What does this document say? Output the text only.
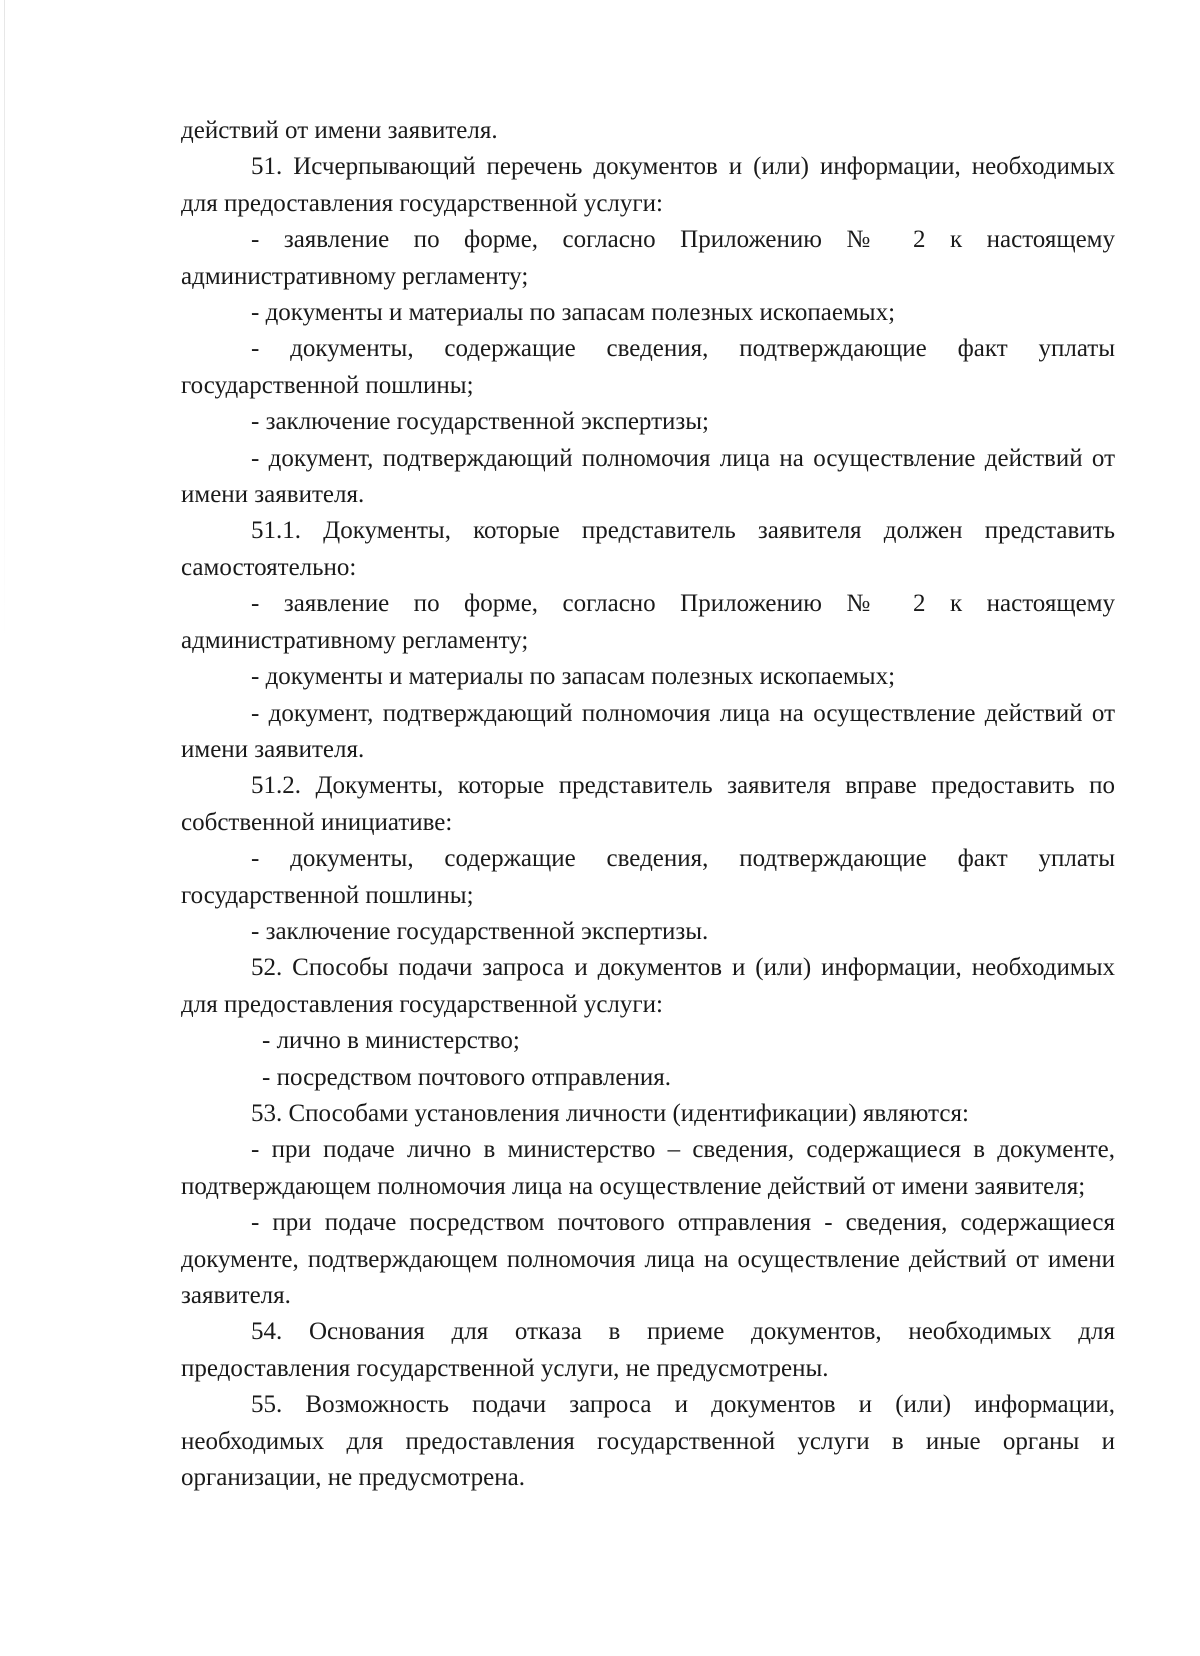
действий от имени заявителя.

51. Исчерпывающий перечень документов и (или) информации, необходимых для предоставления государственной услуги:

- заявление по форме, согласно Приложению № 2 к настоящему административному регламенту;

- документы и материалы по запасам полезных ископаемых;

- документы, содержащие сведения, подтверждающие факт уплаты государственной пошлины;

- заключение государственной экспертизы;

- документ, подтверждающий полномочия лица на осуществление действий от имени заявителя.

51.1. Документы, которые представитель заявителя должен представить самостоятельно:

- заявление по форме, согласно Приложению № 2 к настоящему административному регламенту;

- документы и материалы по запасам полезных ископаемых;

- документ, подтверждающий полномочия лица на осуществление действий от имени заявителя.

51.2. Документы, которые представитель заявителя вправе предоставить по собственной инициативе:

- документы, содержащие сведения, подтверждающие факт уплаты государственной пошлины;

- заключение государственной экспертизы.

52. Способы подачи запроса и документов и (или) информации, необходимых для предоставления государственной услуги:

- лично в министерство;

- посредством почтового отправления.

53. Способами установления личности (идентификации) являются:

- при подаче лично в министерство – сведения, содержащиеся в документе, подтверждающем полномочия лица на осуществление действий от имени заявителя;

- при подаче посредством почтового отправления - сведения, содержащиеся документе, подтверждающем полномочия лица на осуществление действий от имени заявителя.

54. Основания для отказа в приеме документов, необходимых для предоставления государственной услуги, не предусмотрены.

55. Возможность подачи запроса и документов и (или) информации, необходимых для предоставления государственной услуги в иные органы и организации, не предусмотрена.
